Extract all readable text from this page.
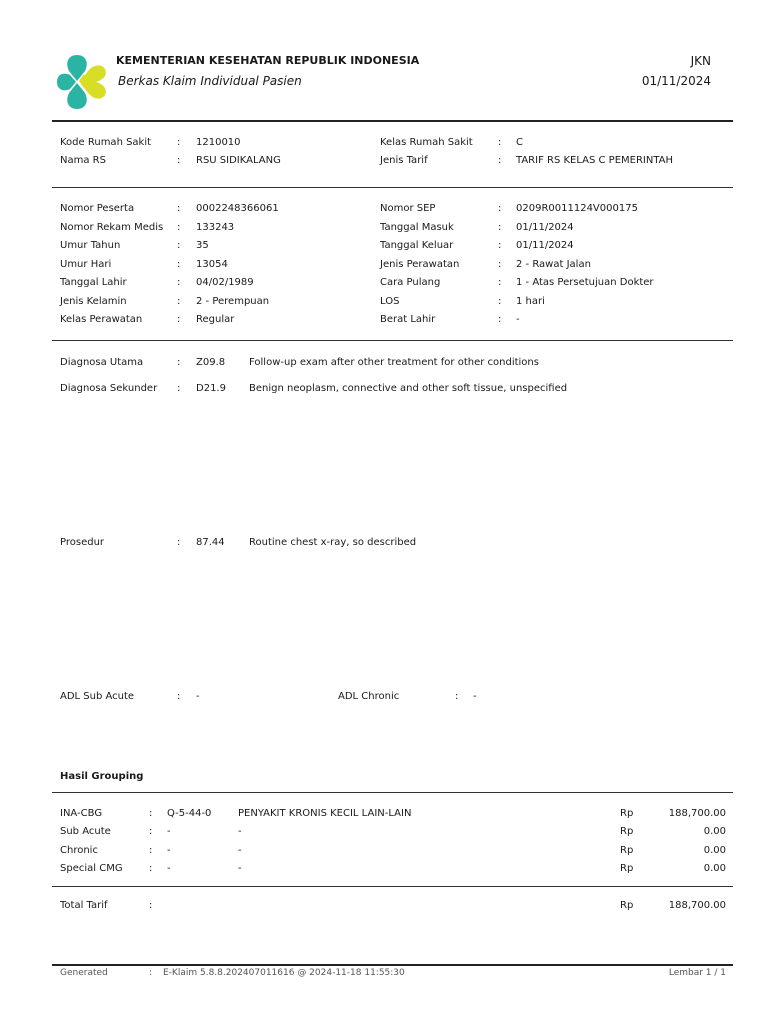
KEMENTERIAN KESEHATAN REPUBLIK INDONESIA
Berkas Klaim Individual Pasien
JKN
01/11/2024
Kode Rumah Sakit	: 1210010
Nama RS	: RSU SIDIKALANG
Kelas Rumah Sakit	: C
Jenis Tarif	: TARIF RS KELAS C PEMERINTAH
Nomor Peserta	: 0002248366061
Nomor Rekam Medis : 133243
Umur Tahun	: 35
Umur Hari	: 13054
Tanggal Lahir	: 04/02/1989
Jenis Kelamin	: 2 - Perempuan
Kelas Perawatan	: Regular
Nomor SEP	: 0209R0011124V000175
Tanggal Masuk	: 01/11/2024
Tanggal Keluar	: 01/11/2024
Jenis Perawatan	: 2 - Rawat Jalan
Cara Pulang	: 1 - Atas Persetujuan Dokter
LOS	: 1 hari
Berat Lahir	: -
Diagnosa Utama	: Z09.8 Follow-up exam after other treatment for other conditions
Diagnosa Sekunder : D21.9 Benign neoplasm, connective and other soft tissue, unspecified
Prosedur	: 87.44 Routine chest x-ray, so described
ADL Sub Acute	: -	ADL Chronic	: -
Hasil Grouping
INA-CBG	: Q-5-44-0	PENYAKIT KRONIS KECIL LAIN-LAIN	Rp	188,700.00
Sub Acute	: -	-	Rp	0.00
Chronic	: -	-	Rp	0.00
Special CMG	: -	-	Rp	0.00
Total Tarif	:	Rp	188,700.00
Generated	: E-Klaim 5.8.8.202407011616 @ 2024-11-18 11:55:30	Lembar 1 / 1
